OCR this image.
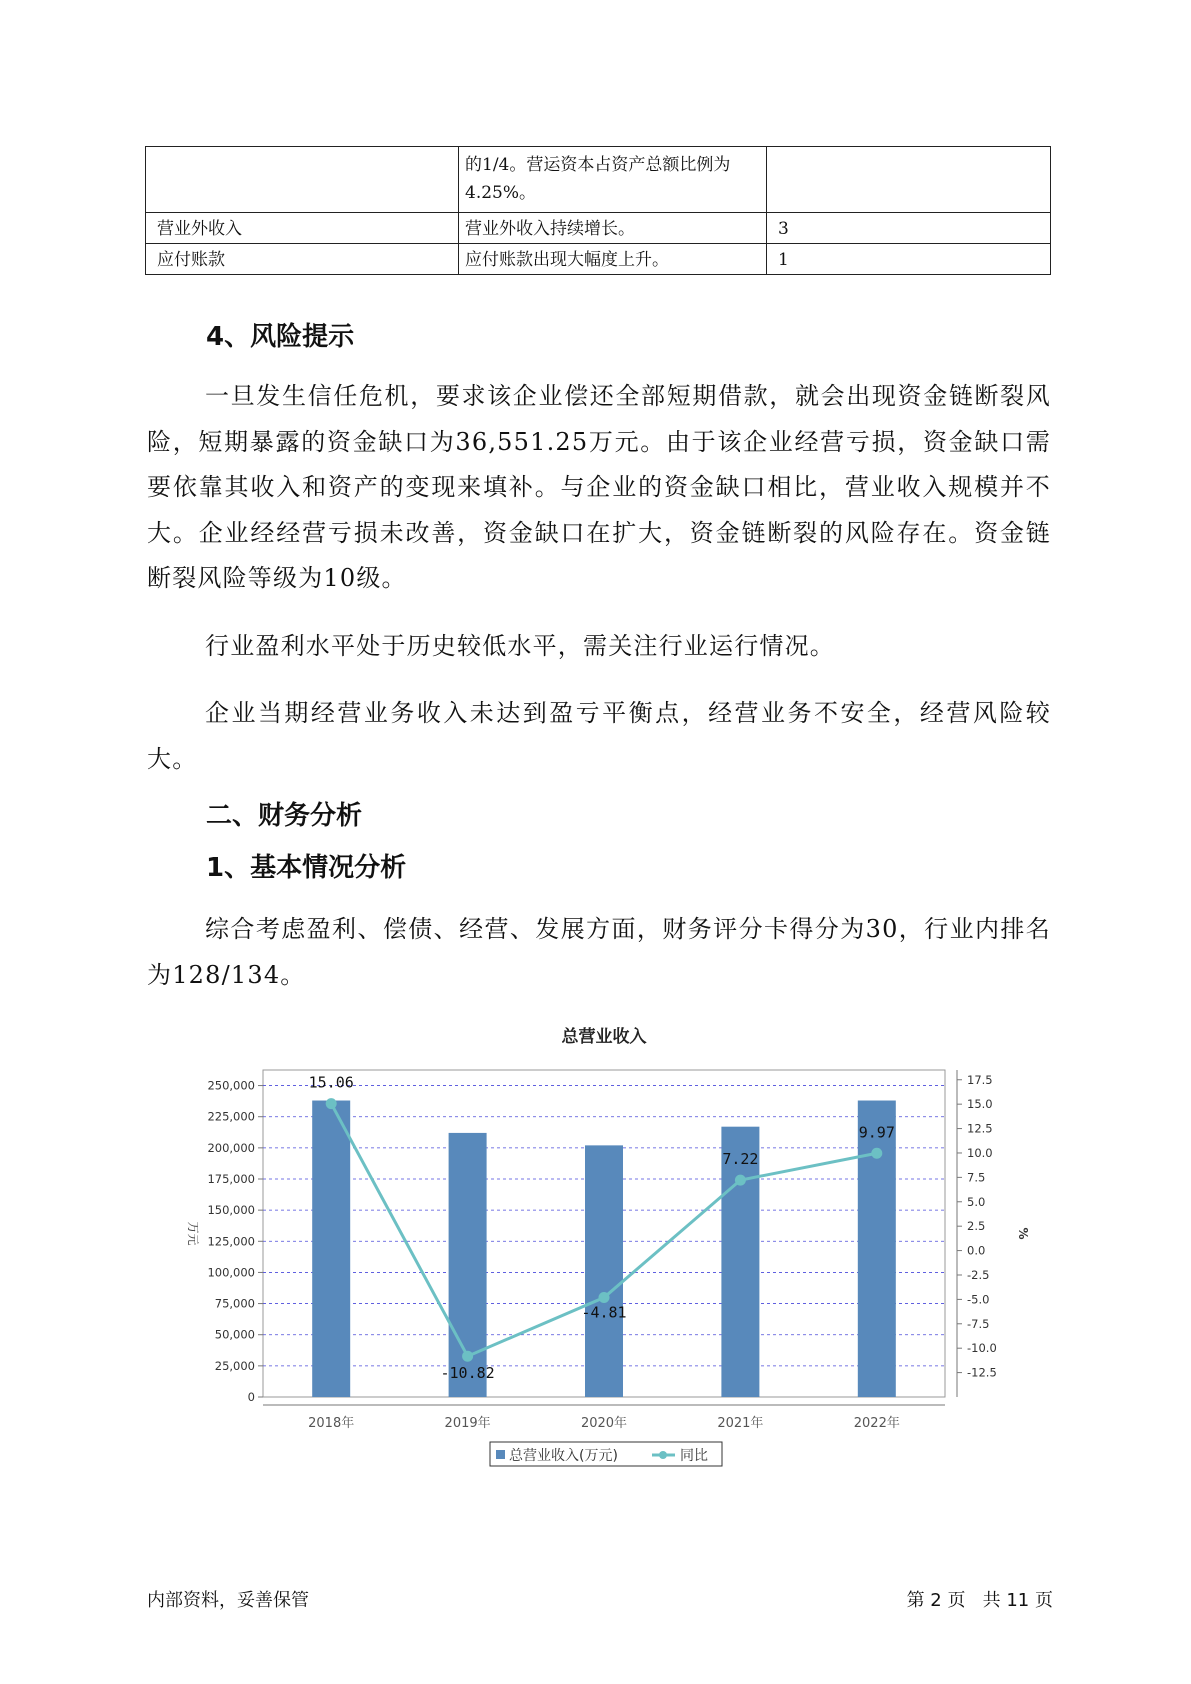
	的1/4。营运资本占资产总额比例为4.25%。	
营业外收入	营业外收入持续增长。	3
应付账款	应付账款出现大幅度上升。	1
4、风险提示

一旦发生信任危机，要求该企业偿还全部短期借款，就会出现资金链断裂风险，短期暴露的资金缺口为36,551.25万元。由于该企业经营亏损，资金缺口需要依靠其收入和资产的变现来填补。与企业的资金缺口相比，营业收入规模并不大。企业经经营亏损未改善，资金缺口在扩大，资金链断裂的风险存在。资金链断裂风险等级为10级。

行业盈利水平处于历史较低水平，需关注行业运行情况。

企业当期经营业务收入未达到盈亏平衡点，经营业务不安全，经营风险较大。

二、财务分析
1、基本情况分析

综合考虑盈利、偿债、经营、发展方面，财务评分卡得分为30，行业内排名为128/134。

总营业收入
0
25,000
50,000
75,000
100,000
125,000
150,000
175,000
200,000
225,000
250,000
万元
-12.5
-10.0
-7.5
-5.0
-2.5
0.0
2.5
5.0
7.5
10.0
12.5
15.0
17.5
%
2018年	2019年	2020年	2021年	2022年
15.06
-10.82
-4.81
7.22
9.97
总营业收入(万元)	同比
内部资料，妥善保管	第 2 页   共 11 页
